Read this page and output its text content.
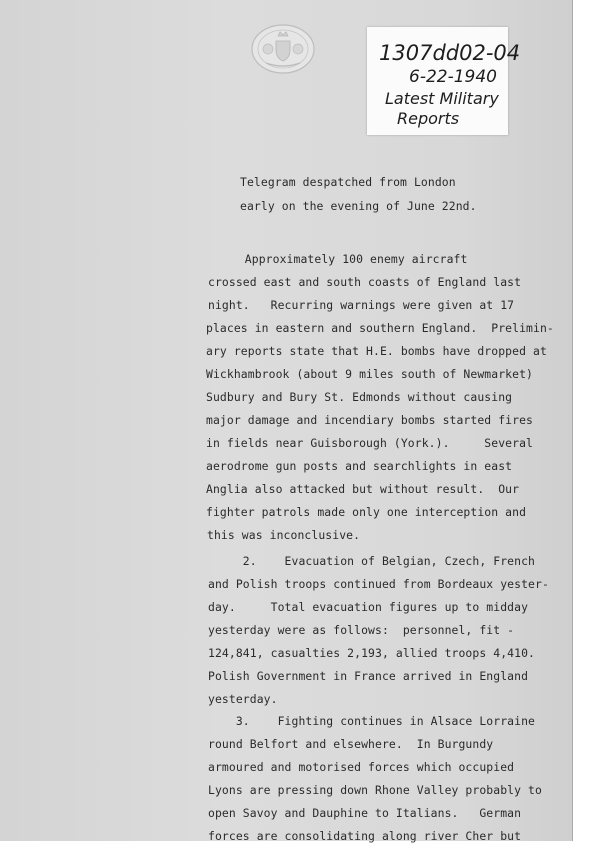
1307dd02-04
6-22-1940
Latest Military
Reports
Telegram despatched from London
early on the evening of June 22nd.
Approximately 100 enemy aircraft
crossed east and south coasts of England last
night.   Recurring warnings were given at 17
places in eastern and southern England.  Prelimin-
ary reports state that H.E. bombs have dropped at
Wickhambrook (about 9 miles south of Newmarket)
Sudbury and Bury St. Edmonds without causing
major damage and incendiary bombs started fires
in fields near Guisborough (York.).     Several
aerodrome gun posts and searchlights in east
Anglia also attacked but without result.  Our
fighter patrols made only one interception and
this was inconclusive.
2.    Evacuation of Belgian, Czech, French
and Polish troops continued from Bordeaux yester-
day.     Total evacuation figures up to midday
yesterday were as follows:  personnel, fit -
124,841, casualties 2,193, allied troops 4,410.
Polish Government in France arrived in England
yesterday.
3.    Fighting continues in Alsace Lorraine
round Belfort and elsewhere.  In Burgundy
armoured and motorised forces which occupied
Lyons are pressing down Rhone Valley probably to
open Savoy and Dauphine to Italians.   German
forces are consolidating along river Cher but
